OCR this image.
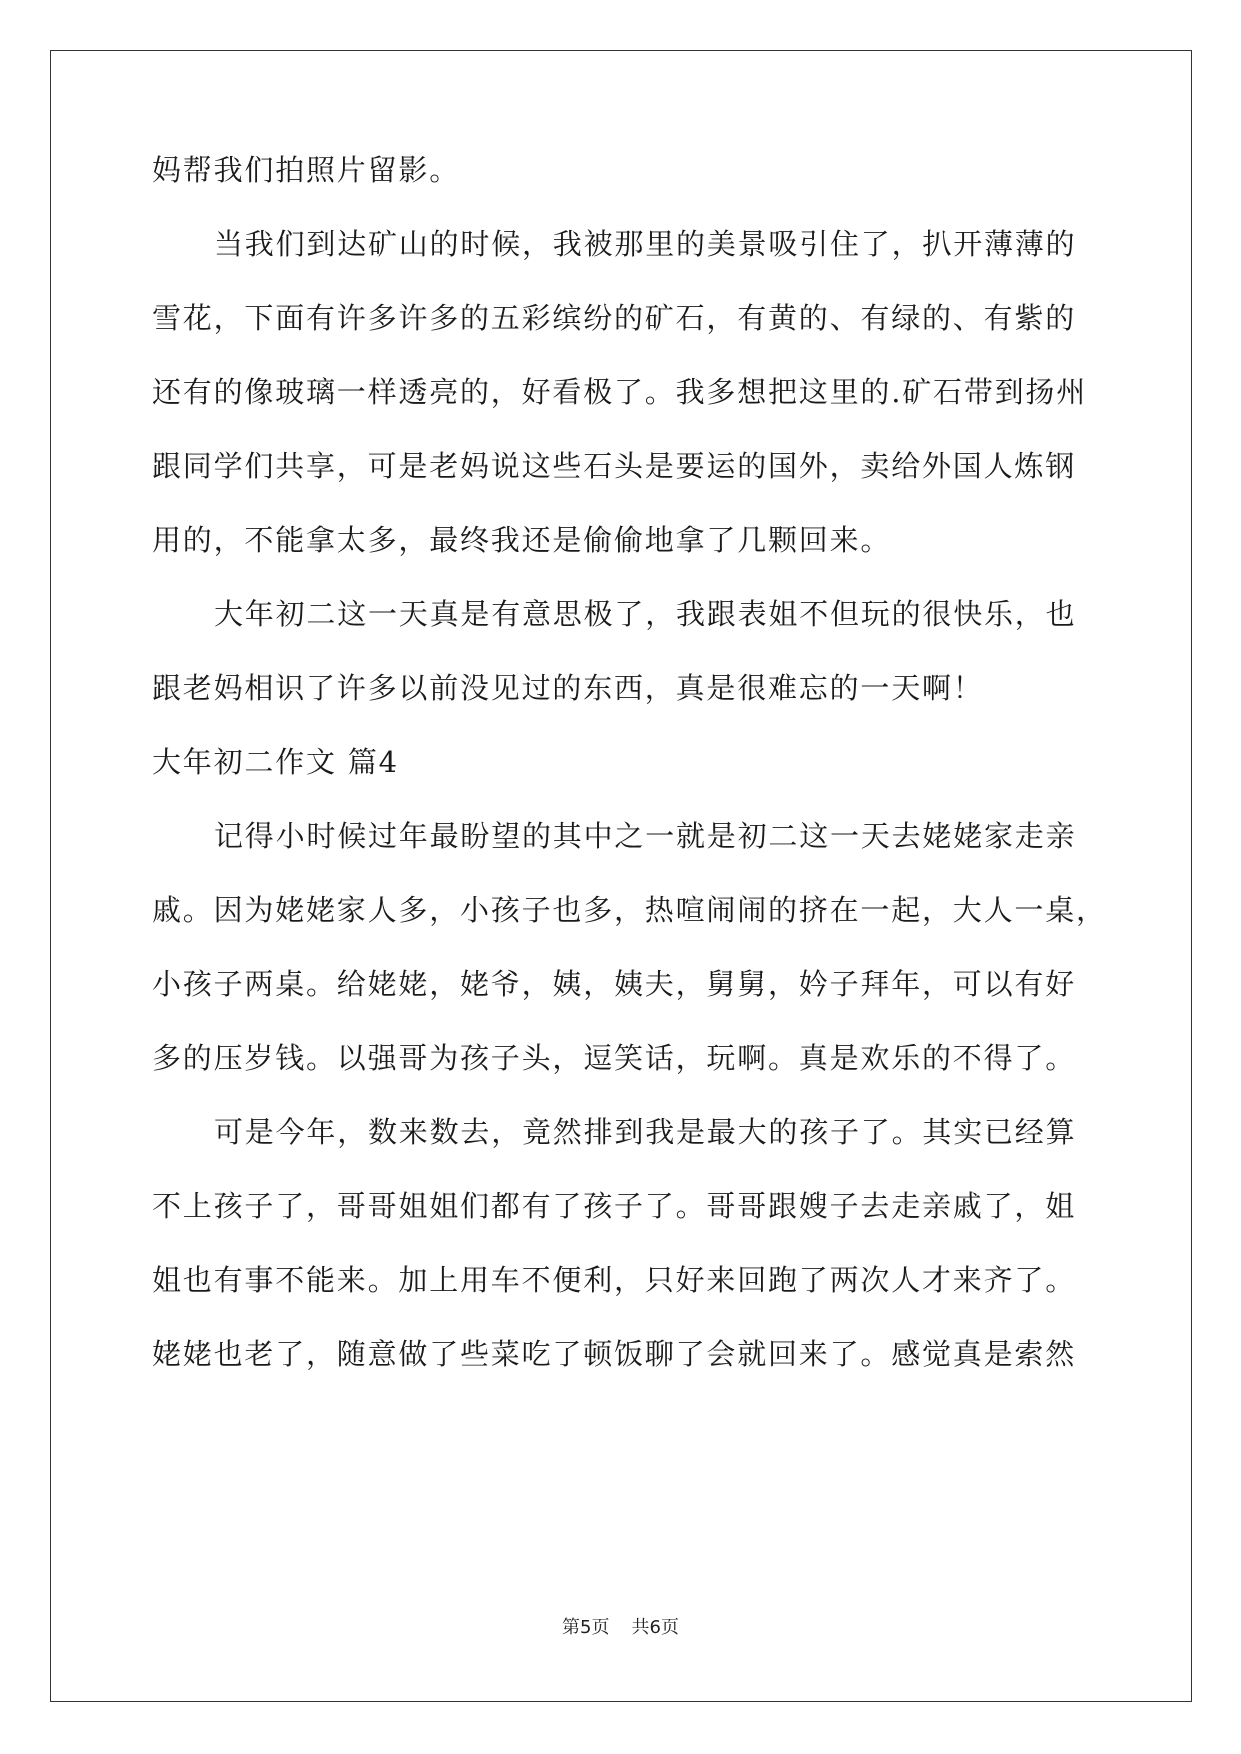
妈帮我们拍照片留影。
当我们到达矿山的时候，我被那里的美景吸引住了，扒开薄薄的
雪花，下面有许多许多的五彩缤纷的矿石，有黄的、有绿的、有紫的
还有的像玻璃一样透亮的，好看极了。我多想把这里的.矿石带到扬州
跟同学们共享，可是老妈说这些石头是要运的国外，卖给外国人炼钢
用的，不能拿太多，最终我还是偷偷地拿了几颗回来。
大年初二这一天真是有意思极了，我跟表姐不但玩的很快乐，也
跟老妈相识了许多以前没见过的东西，真是很难忘的一天啊！
大年初二作文 篇4
记得小时候过年最盼望的其中之一就是初二这一天去姥姥家走亲
戚。因为姥姥家人多，小孩子也多，热喧闹闹的挤在一起，大人一桌，
小孩子两桌。给姥姥，姥爷，姨，姨夫，舅舅，妗子拜年，可以有好
多的压岁钱。以强哥为孩子头，逗笑话，玩啊。真是欢乐的不得了。
可是今年，数来数去，竟然排到我是最大的孩子了。其实已经算
不上孩子了，哥哥姐姐们都有了孩子了。哥哥跟嫂子去走亲戚了，姐
姐也有事不能来。加上用车不便利，只好来回跑了两次人才来齐了。
姥姥也老了，随意做了些菜吃了顿饭聊了会就回来了。感觉真是索然
第5页 共6页
